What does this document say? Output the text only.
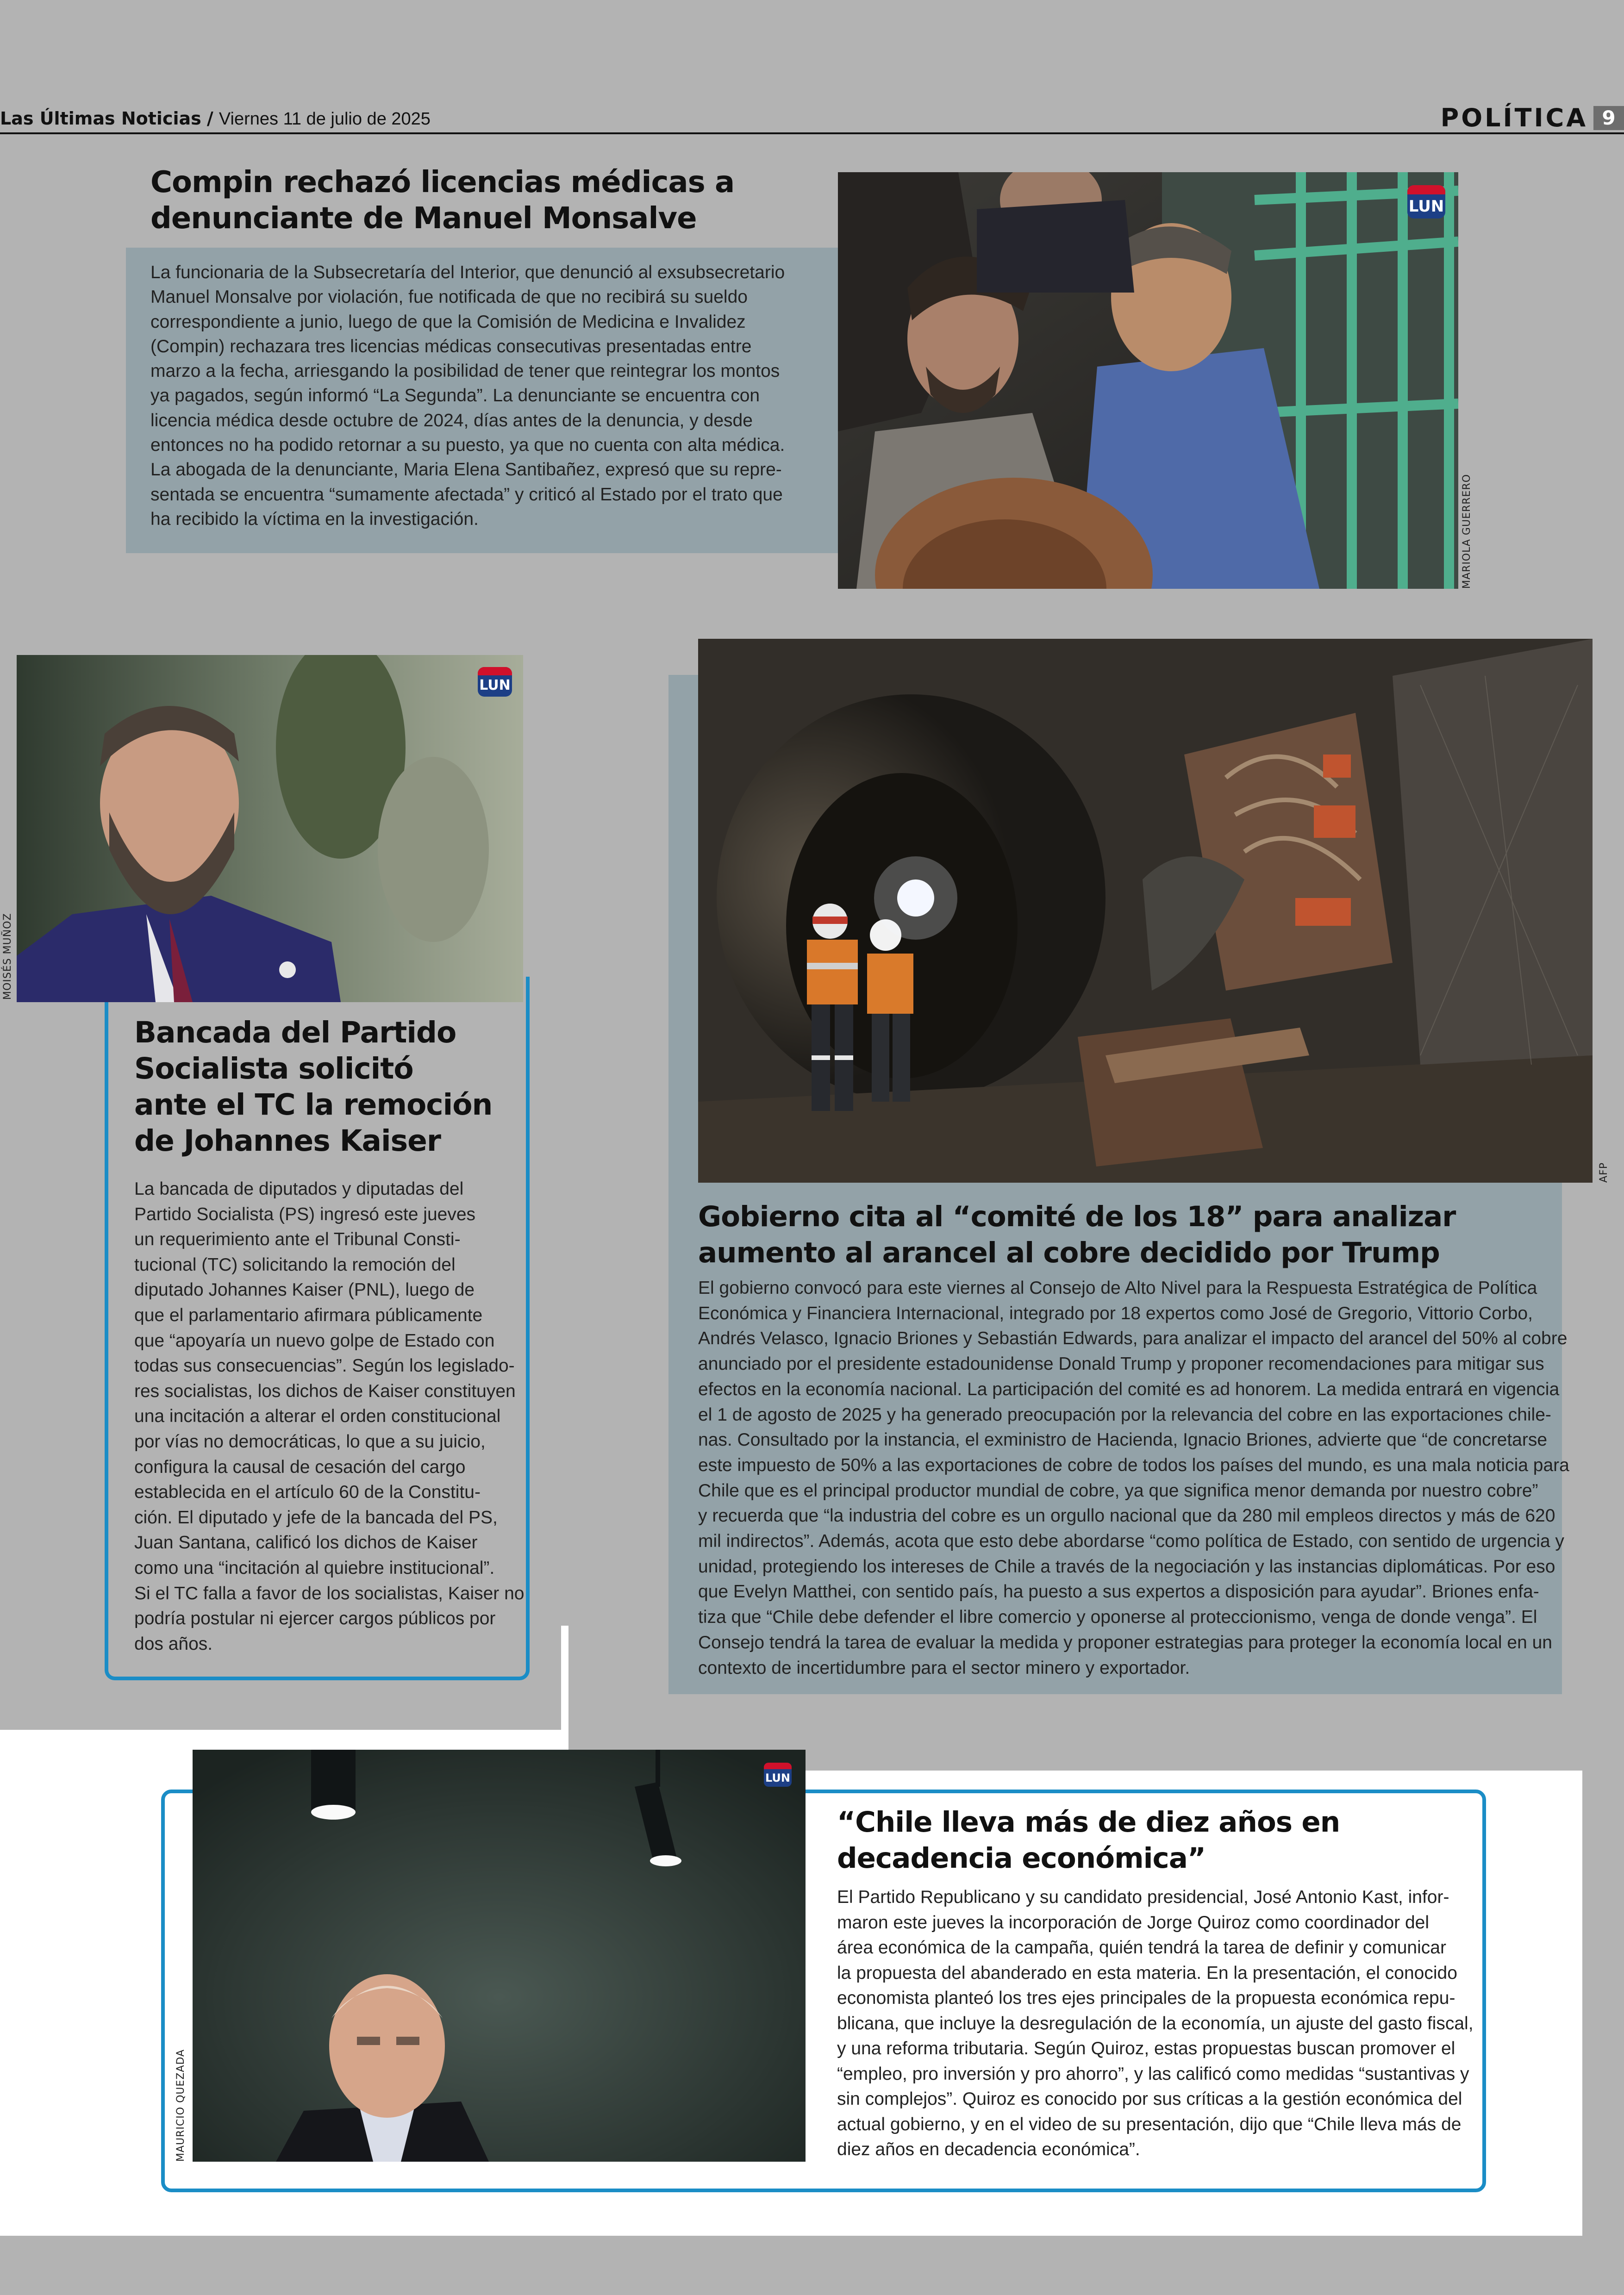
Las Últimas Noticias / Viernes 11 de julio de 2025	POLÍTICA 9
Compin rechazó licencias médicas a
denunciante de Manuel Monsalve
La funcionaria de la Subsecretaría del Interior, que denunció al exsubsecretario
Manuel Monsalve por violación, fue notificada de que no recibirá su sueldo
correspondiente a junio, luego de que la Comisión de Medicina e Invalidez
(Compin) rechazara tres licencias médicas consecutivas presentadas entre
marzo a la fecha, arriesgando la posibilidad de tener que reintegrar los montos
ya pagados, según informó “La Segunda”. La denunciante se encuentra con
licencia médica desde octubre de 2024, días antes de la denuncia, y desde
entonces no ha podido retornar a su puesto, ya que no cuenta con alta médica.
La abogada de la denunciante, Maria Elena Santibañez, expresó que su repre-
sentada se encuentra “sumamente afectada” y criticó al Estado por el trato que
ha recibido la víctima en la investigación.
LUN
MARIOLA GUERRERO
LUN
MOISÉS MUÑOZ
Bancada del Partido
Socialista solicitó
ante el TC la remoción
de Johannes Kaiser
La bancada de diputados y diputadas del
Partido Socialista (PS) ingresó este jueves
un requerimiento ante el Tribunal Consti-
tucional (TC) solicitando la remoción del
diputado Johannes Kaiser (PNL), luego de
que el parlamentario afirmara públicamente
que “apoyaría un nuevo golpe de Estado con
todas sus consecuencias”. Según los legislado-
res socialistas, los dichos de Kaiser constituyen
una incitación a alterar el orden constitucional
por vías no democráticas, lo que a su juicio,
configura la causal de cesación del cargo
establecida en el artículo 60 de la Constitu-
ción. El diputado y jefe de la bancada del PS,
Juan Santana, calificó los dichos de Kaiser
como una “incitación al quiebre institucional”.
Si el TC falla a favor de los socialistas, Kaiser no
podría postular ni ejercer cargos públicos por
dos años.
AFP
Gobierno cita al “comité de los 18” para analizar
aumento al arancel al cobre decidido por Trump
El gobierno convocó para este viernes al Consejo de Alto Nivel para la Respuesta Estratégica de Política
Económica y Financiera Internacional, integrado por 18 expertos como José de Gregorio, Vittorio Corbo,
Andrés Velasco, Ignacio Briones y Sebastián Edwards, para analizar el impacto del arancel del 50% al cobre
anunciado por el presidente estadounidense Donald Trump y proponer recomendaciones para mitigar sus
efectos en la economía nacional. La participación del comité es ad honorem. La medida entrará en vigencia
el 1 de agosto de 2025 y ha generado preocupación por la relevancia del cobre en las exportaciones chile-
nas. Consultado por la instancia, el exministro de Hacienda, Ignacio Briones, advierte que “de concretarse
este impuesto de 50% a las exportaciones de cobre de todos los países del mundo, es una mala noticia para
Chile que es el principal productor mundial de cobre, ya que significa menor demanda por nuestro cobre”
y recuerda que “la industria del cobre es un orgullo nacional que da 280 mil empleos directos y más de 620
mil indirectos”. Además, acota que esto debe abordarse “como política de Estado, con sentido de urgencia y
unidad, protegiendo los intereses de Chile a través de la negociación y las instancias diplomáticas. Por eso
que Evelyn Matthei, con sentido país, ha puesto a sus expertos a disposición para ayudar”. Briones enfa-
tiza que “Chile debe defender el libre comercio y oponerse al proteccionismo, venga de donde venga”. El
Consejo tendrá la tarea de evaluar la medida y proponer estrategias para proteger la economía local en un
contexto de incertidumbre para el sector minero y exportador.
LUN
MAURICIO QUEZADA
“Chile lleva más de diez años en
decadencia económica”
El Partido Republicano y su candidato presidencial, José Antonio Kast, infor-
maron este jueves la incorporación de Jorge Quiroz como coordinador del
área económica de la campaña, quién tendrá la tarea de definir y comunicar
la propuesta del abanderado en esta materia. En la presentación, el conocido
economista planteó los tres ejes principales de la propuesta económica repu-
blicana, que incluye la desregulación de la economía, un ajuste del gasto fiscal,
y una reforma tributaria. Según Quiroz, estas propuestas buscan promover el
“empleo, pro inversión y pro ahorro”, y las calificó como medidas “sustantivas y
sin complejos”. Quiroz es conocido por sus críticas a la gestión económica del
actual gobierno, y en el video de su presentación, dijo que “Chile lleva más de
diez años en decadencia económica”.
